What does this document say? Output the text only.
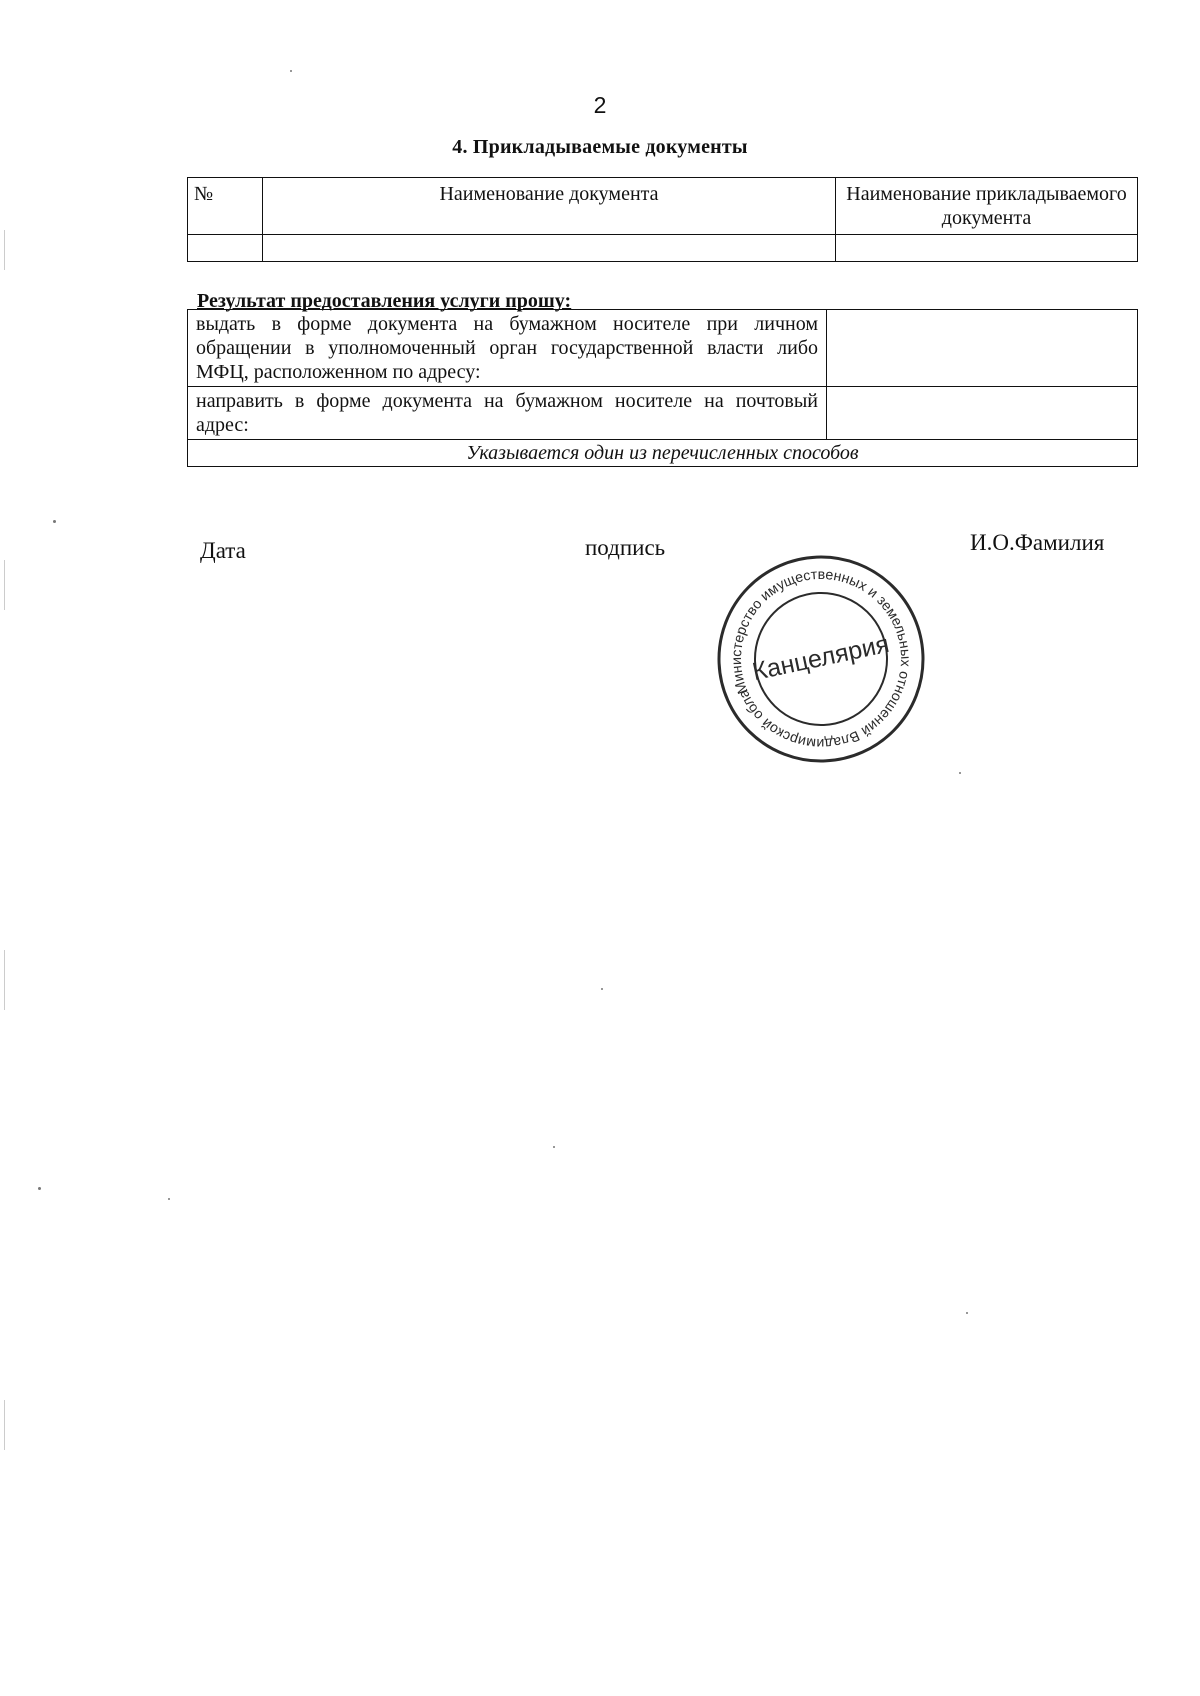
2
4. Прикладываемые документы
№	Наименование документа	Наименование прикладываемого документа

Результат предоставления услуги прошу:
выдать в форме документа на бумажном носителе при личном обращении в уполномоченный орган государственной власти либо МФЦ, расположенном по адресу:	
направить в форме документа на бумажном носителе на почтовый адрес:	
Указывается один из перечисленных способов	
Дата	подпись	И.О.Фамилия
Министерство имущественных и земельных отношений Владимирской области
Канцелярия
